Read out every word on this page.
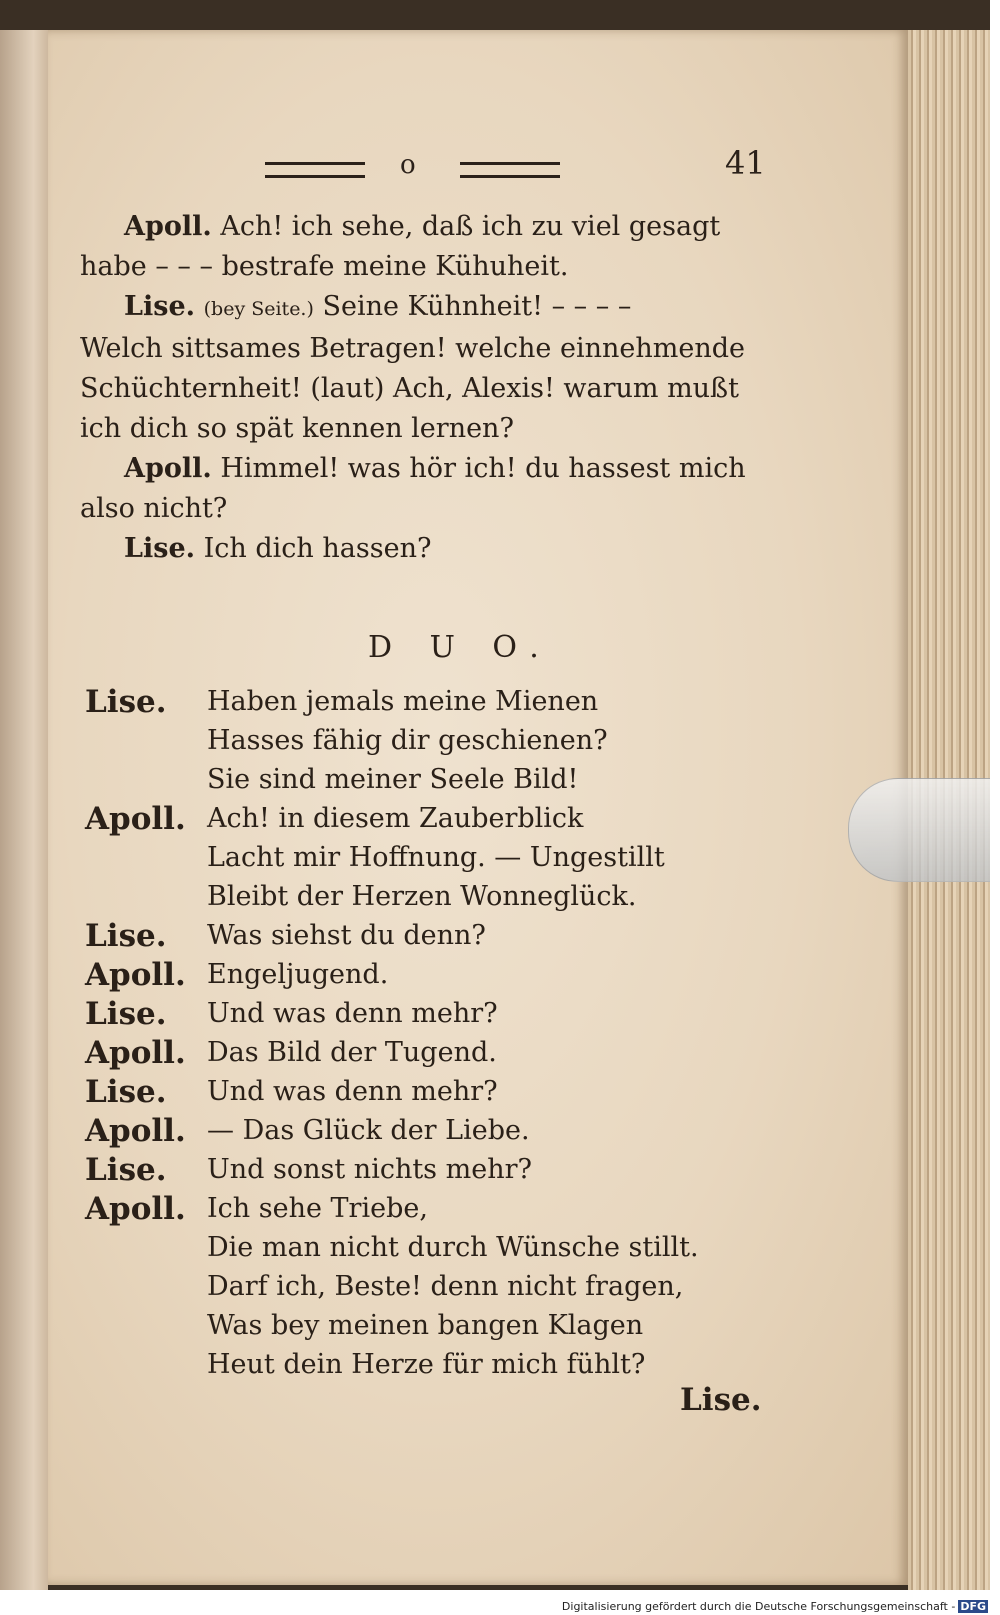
o	41

Apoll. Ach! ich sehe, daß ich zu viel gesagt

habe – – – bestrafe meine Kühuheit.

Lise. (bey Seite.) Seine Kühnheit! – – – –

Welch sittsames Betragen! welche einnehmende

Schüchternheit! (laut) Ach, Alexis! warum mußt

ich dich so spät kennen lernen?

Apoll. Himmel! was hör ich! du hassest mich

also nicht?

Lise. Ich dich hassen?

D U O.
Lise. Haben jemals meine Mienen
Hasses fähig dir geschienen?
Sie sind meiner Seele Bild!
Apoll. Ach! in diesem Zauberblick
Lacht mir Hoffnung. — Ungestillt
Bleibt der Herzen Wonneglück.
Lise. Was siehst du denn?
Apoll. Engeljugend.
Lise. Und was denn mehr?
Apoll. Das Bild der Tugend.
Lise. Und was denn mehr?
Apoll. — Das Glück der Liebe.
Lise. Und sonst nichts mehr?
Apoll. Ich sehe Triebe,
Die man nicht durch Wünsche stillt.
Darf ich, Beste! denn nicht fragen,
Was bey meinen bangen Klagen
Heut dein Herze für mich fühlt?
Lise.
Digitalisierung gefördert durch die Deutsche Forschungsgemeinschaft - DFG
